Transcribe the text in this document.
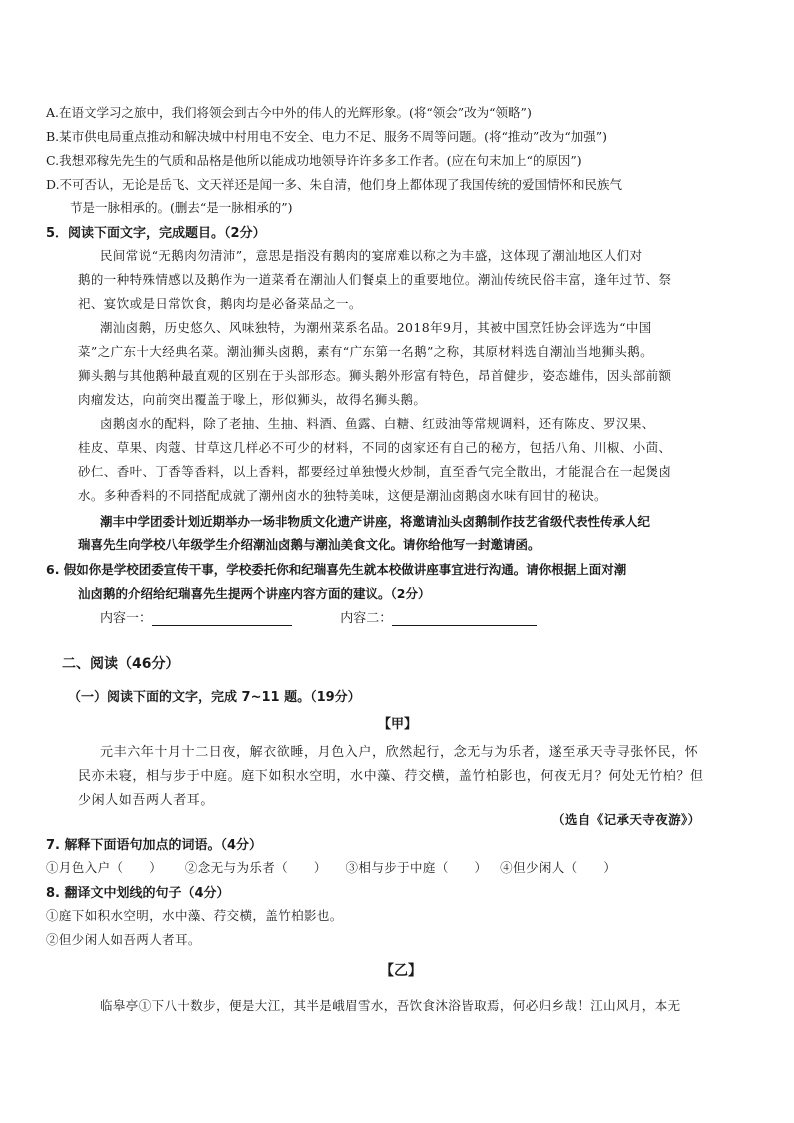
A.在语文学习之旅中，我们将领会到古今中外的伟人的光辉形象。(将“领会”改为“领略”)
B.某市供电局重点推动和解决城中村用电不安全、电力不足、服务不周等问题。(将“推动”改为“加强”)
C.我想邓稼先先生的气质和品格是他所以能成功地领导许许多多工作者。(应在句末加上“的原因”)
D.不可否认，无论是岳飞、文天祥还是闻一多、朱自清，他们身上都体现了我国传统的爱国情怀和民族气
节是一脉相承的。(删去“是一脉相承的”)
5．阅读下面文字，完成题目。（2分）
民间常说“无鹅肉勿清沛”，意思是指没有鹅肉的宴席难以称之为丰盛，这体现了潮汕地区人们对
鹅的一种特殊情感以及鹅作为一道菜肴在潮汕人们餐桌上的重要地位。潮汕传统民俗丰富，逢年过节、祭
祀、宴饮或是日常饮食，鹅肉均是必备菜品之一。
潮汕卤鹅，历史悠久、风味独特，为潮州菜系名品。2018年9月，其被中国烹饪协会评选为“中国
菜”之广东十大经典名菜。潮汕狮头卤鹅，素有“广东第一名鹅”之称，其原材料选自潮汕当地狮头鹅。
狮头鹅与其他鹅种最直观的区别在于头部形态。狮头鹅外形富有特色，昂首健步，姿态雄伟，因头部前额
肉瘤发达，向前突出覆盖于喙上，形似狮头，故得名狮头鹅。
卤鹅卤水的配料，除了老抽、生抽、料酒、鱼露、白糖、红豉油等常规调料，还有陈皮、罗汉果、
桂皮、草果、肉蔻、甘草这几样必不可少的材料，不同的卤家还有自己的秘方，包括八角、川椒、小茴、
砂仁、香叶、丁香等香料，以上香料，都要经过单独慢火炒制，直至香气完全散出，才能混合在一起煲卤
水。多种香料的不同搭配成就了潮州卤水的独特美味，这便是潮汕卤鹅卤水味有回甘的秘诀。
潮丰中学团委计划近期举办一场非物质文化遗产讲座，将邀请汕头卤鹅制作技艺省级代表性传承人纪
瑞喜先生向学校八年级学生介绍潮汕卤鹅与潮汕美食文化。请你给他写一封邀请函。
6. 假如你是学校团委宣传干事，学校委托你和纪瑞喜先生就本校做讲座事宜进行沟通。请你根据上面对潮
汕卤鹅的介绍给纪瑞喜先生提两个讲座内容方面的建议。（2分）
内容一：	内容二：
二、阅读（46分）
（一）阅读下面的文字，完成 7~11 题。（19分）
【甲】
元丰六年十月十二日夜，解衣欲睡，月色入户，欣然起行，念无与为乐者，遂至承天寺寻张怀民，怀
民亦未寝，相与步于中庭。庭下如积水空明，水中藻、荇交横，盖竹柏影也，何夜无月？何处无竹柏？但
少闲人如吾两人者耳。
（选自《记承天寺夜游》）
7. 解释下面语句加点的词语。（4分）
①月色入户（　　） ②念无与为乐者（　　） ③相与步于中庭（　　） ④但少闲人（　　）
8. 翻译文中划线的句子（4分）
①庭下如积水空明，水中藻、荇交横，盖竹柏影也。
②但少闲人如吾两人者耳。
【乙】
临皋亭①下八十数步，便是大江，其半是峨眉雪水，吾饮食沐浴皆取焉，何必归乡哉！江山风月，本无
